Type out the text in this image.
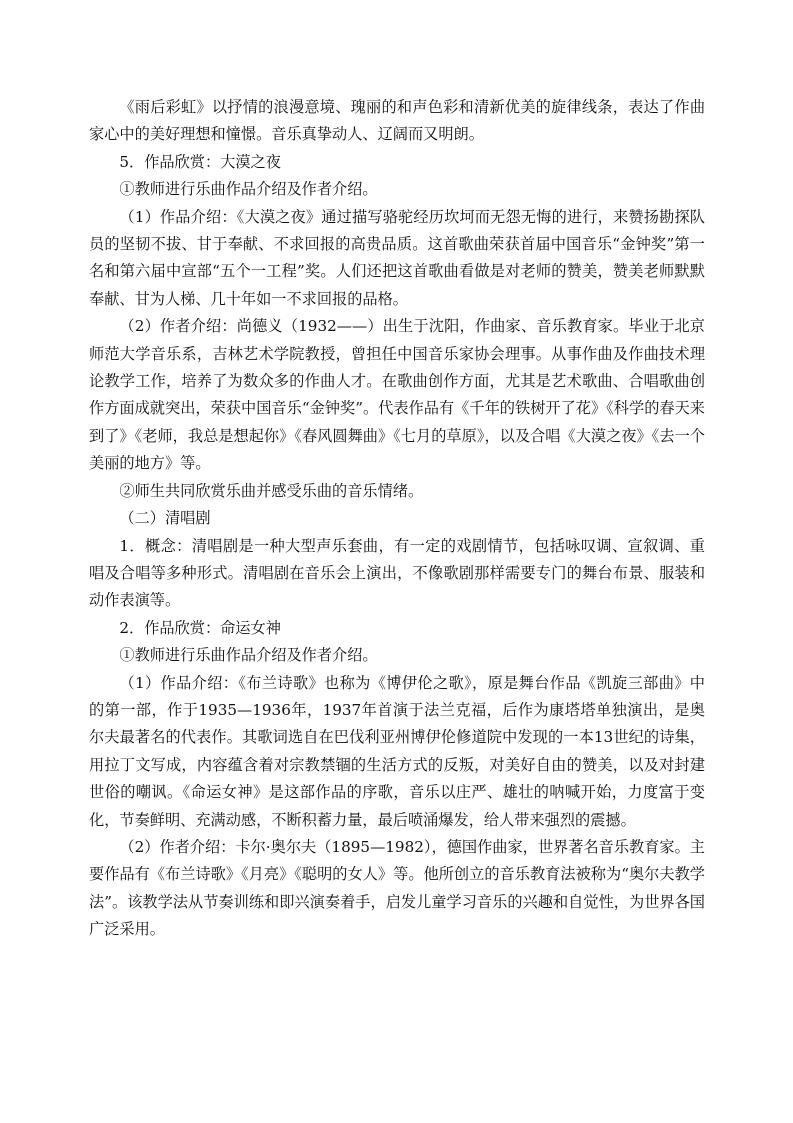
《雨后彩虹》以抒情的浪漫意境、瑰丽的和声色彩和清新优美的旋律线条，表达了作曲家心中的美好理想和憧憬。音乐真挚动人、辽阔而又明朗。

5．作品欣赏：大漠之夜

①教师进行乐曲作品介绍及作者介绍。

（1）作品介绍：《大漠之夜》通过描写骆驼经历坎坷而无怨无悔的进行，来赞扬勘探队员的坚韧不拔、甘于奉献、不求回报的高贵品质。这首歌曲荣获首届中国音乐“金钟奖”第一名和第六届中宣部“五个一工程”奖。人们还把这首歌曲看做是对老师的赞美，赞美老师默默奉献、甘为人梯、几十年如一不求回报的品格。

（2）作者介绍：尚德义（1932——）出生于沈阳，作曲家、音乐教育家。毕业于北京师范大学音乐系，吉林艺术学院教授，曾担任中国音乐家协会理事。从事作曲及作曲技术理论教学工作，培养了为数众多的作曲人才。在歌曲创作方面，尤其是艺术歌曲、合唱歌曲创作方面成就突出，荣获中国音乐“金钟奖”。代表作品有《千年的铁树开了花》《科学的春天来到了》《老师，我总是想起你》《春风圆舞曲》《七月的草原》，以及合唱《大漠之夜》《去一个美丽的地方》等。

②师生共同欣赏乐曲并感受乐曲的音乐情绪。

（二）清唱剧

1．概念：清唱剧是一种大型声乐套曲，有一定的戏剧情节，包括咏叹调、宣叙调、重唱及合唱等多种形式。清唱剧在音乐会上演出，不像歌剧那样需要专门的舞台布景、服装和动作表演等。

2．作品欣赏：命运女神

①教师进行乐曲作品介绍及作者介绍。

（1）作品介绍：《布兰诗歌》也称为《博伊伦之歌》，原是舞台作品《凯旋三部曲》中的第一部，作于1935—1936年，1937年首演于法兰克福，后作为康塔塔单独演出，是奥尔夫最著名的代表作。其歌词选自在巴伐利亚州博伊伦修道院中发现的一本13世纪的诗集，用拉丁文写成，内容蕴含着对宗教禁锢的生活方式的反叛，对美好自由的赞美，以及对封建世俗的嘲讽。《命运女神》是这部作品的序歌，音乐以庄严、雄壮的呐喊开始，力度富于变化，节奏鲜明、充满动感，不断积蓄力量，最后喷涌爆发，给人带来强烈的震撼。

（2）作者介绍：卡尔·奥尔夫（1895—1982），德国作曲家，世界著名音乐教育家。主要作品有《布兰诗歌》《月亮》《聪明的女人》等。他所创立的音乐教育法被称为“奥尔夫教学法”。该教学法从节奏训练和即兴演奏着手，启发儿童学习音乐的兴趣和自觉性，为世界各国广泛采用。
